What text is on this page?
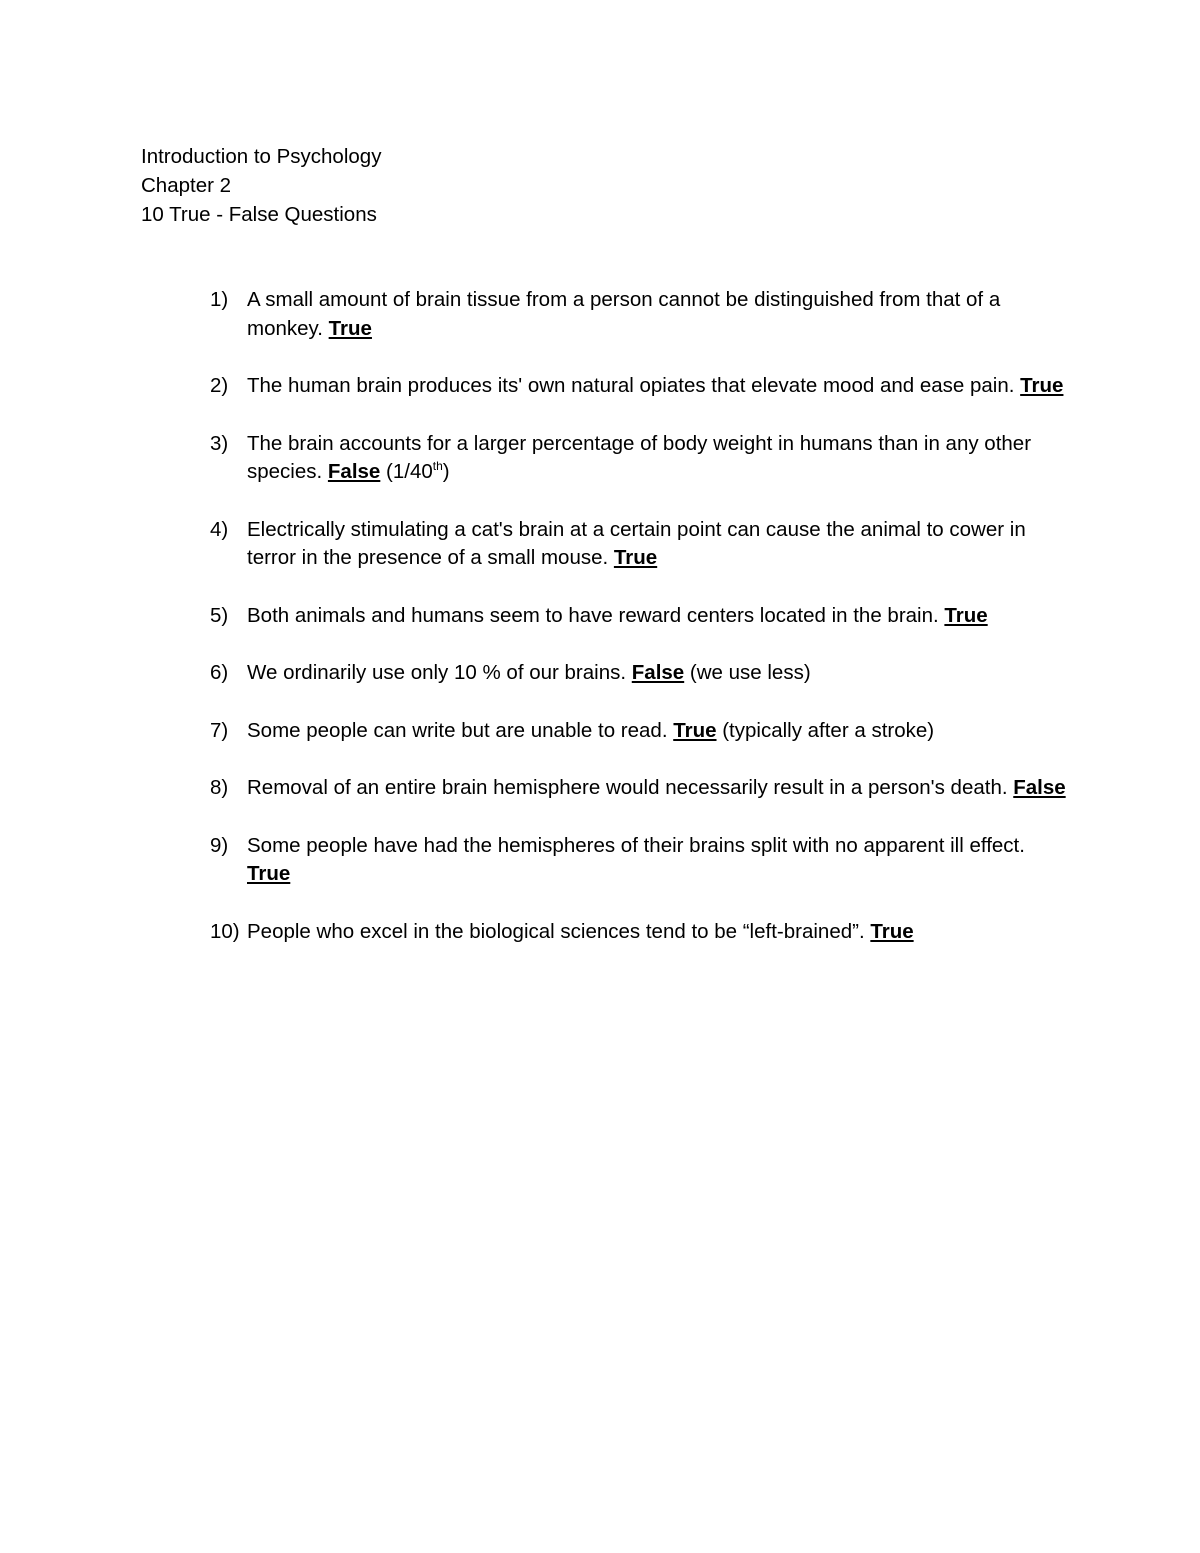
Introduction to Psychology
Chapter 2
10 True - False Questions
1) A small amount of brain tissue from a person cannot be distinguished from that of a monkey. True
2) The human brain produces its' own natural opiates that elevate mood and ease pain. True
3) The brain accounts for a larger percentage of body weight in humans than in any other species. False (1/40th)
4) Electrically stimulating a cat's brain at a certain point can cause the animal to cower in terror in the presence of a small mouse. True
5) Both animals and humans seem to have reward centers located in the brain. True
6) We ordinarily use only 10 % of our brains. False (we use less)
7) Some people can write but are unable to read. True (typically after a stroke)
8) Removal of an entire brain hemisphere would necessarily result in a person's death. False
9) Some people have had the hemispheres of their brains split with no apparent ill effect. True
10) People who excel in the biological sciences tend to be “left-brained”. True
